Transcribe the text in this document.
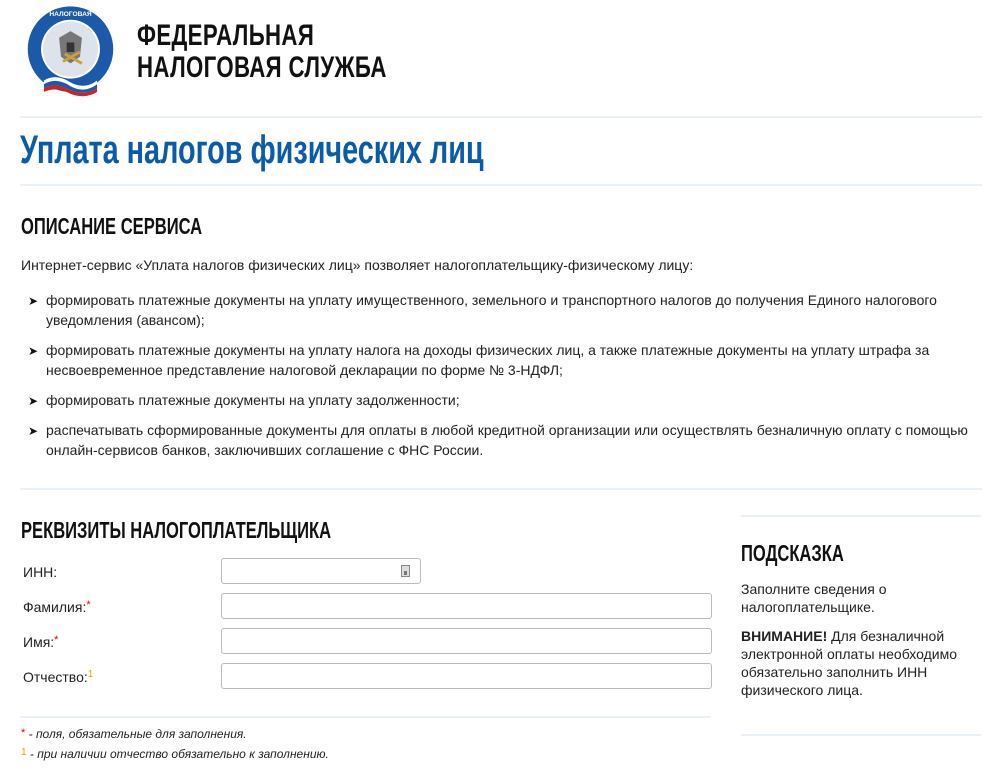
НАЛОГОВАЯ
ФЕДЕРАЛЬНАЯ
НАЛОГОВАЯ СЛУЖБА
Уплата налогов физических лиц
ОПИСАНИЕ СЕРВИСА
Интернет-сервис «Уплата налогов физических лиц» позволяет налогоплательщику-физическому лицу:
➤ формировать платежные документы на уплату имущественного, земельного и транспортного налогов до получения Единого налогового уведомления (авансом);
➤ формировать платежные документы на уплату налога на доходы физических лиц, а также платежные документы на уплату штрафа за несвоевременное представление налоговой декларации по форме № 3-НДФЛ;
➤ формировать платежные документы на уплату задолженности;
➤ распечатывать сформированные документы для оплаты в любой кредитной организации или осуществлять безналичную оплату с помощью онлайн-сервисов банков, заключивших соглашение с ФНС России.
РЕКВИЗИТЫ НАЛОГОПЛАТЕЛЬЩИКА
ИНН:
Фамилия:*
Имя:*
Отчество:$^1$
* - поля, обязательные для заполнения.
$^1$ - при наличии отчество обязательно к заполнению.
ПОДСКАЗКА

Заполните сведения о налогоплательщике.

ВНИМАНИЕ! Для безналичной электронной оплаты необходимо обязательно заполнить ИНН физического лица.
